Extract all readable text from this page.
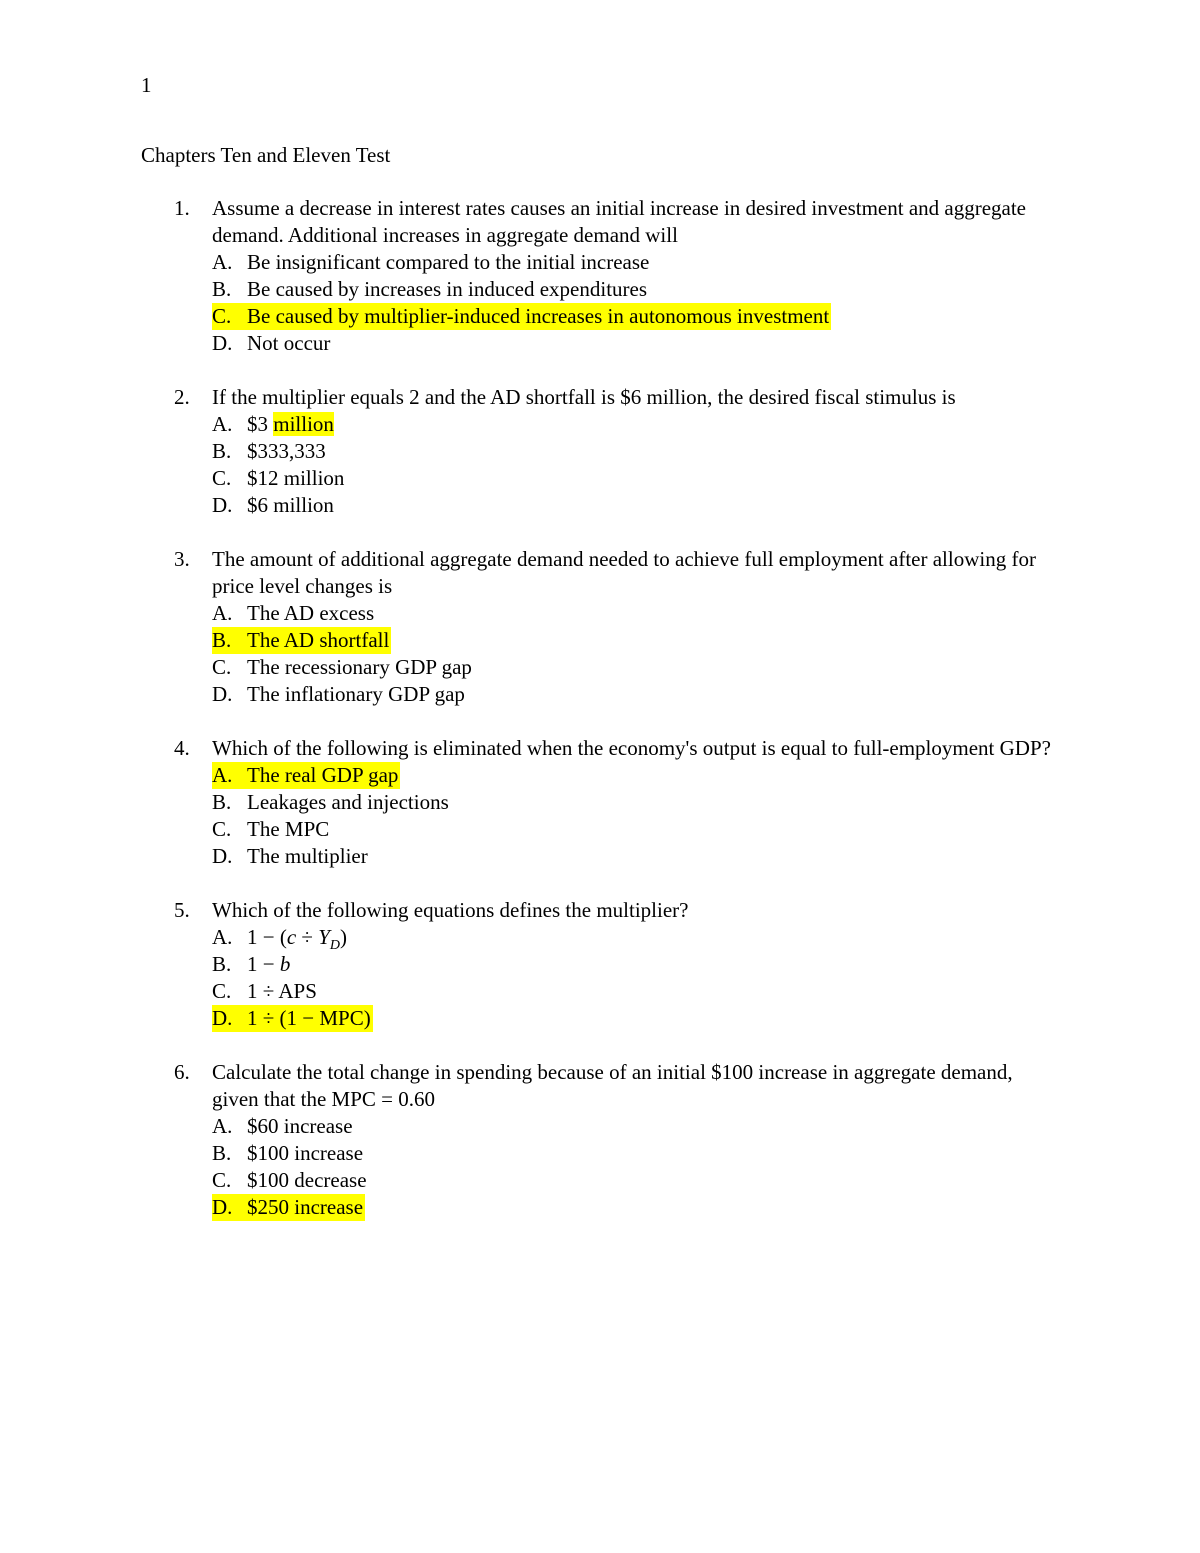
1
Chapters Ten and Eleven Test
1. Assume a decrease in interest rates causes an initial increase in desired investment and aggregate demand. Additional increases in aggregate demand will
A. Be insignificant compared to the initial increase
B. Be caused by increases in induced expenditures
C. Be caused by multiplier-induced increases in autonomous investment
D. Not occur
2. If the multiplier equals 2 and the AD shortfall is $6 million, the desired fiscal stimulus is
A. $3 million
B. $333,333
C. $12 million
D. $6 million
3. The amount of additional aggregate demand needed to achieve full employment after allowing for price level changes is
A. The AD excess
B. The AD shortfall
C. The recessionary GDP gap
D. The inflationary GDP gap
4. Which of the following is eliminated when the economy's output is equal to full-employment GDP?
A. The real GDP gap
B. Leakages and injections
C. The MPC
D. The multiplier
5. Which of the following equations defines the multiplier?
A. $1 - (c \div Y_D)$
B. 1 − b
C. 1 ÷ APS
D. 1 ÷ (1 − MPC)
6. Calculate the total change in spending because of an initial $100 increase in aggregate demand, given that the MPC = 0.60
A. $60 increase
B. $100 increase
C. $100 decrease
D. $250 increase
